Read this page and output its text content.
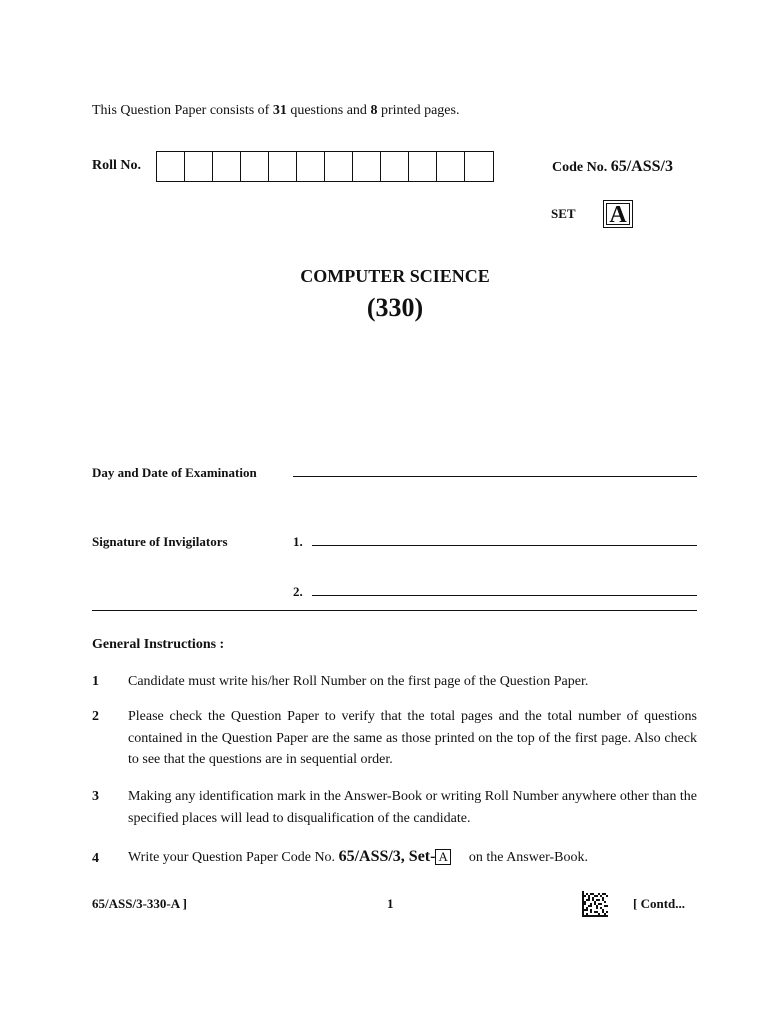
This Question Paper consists of 31 questions and 8 printed pages.
Roll No.	Code No. 65/ASS/3
SET A
COMPUTER SCIENCE
(330)
Day and Date of Examination
Signature of Invigilators	1.
2.
General Instructions :
1 Candidate must write his/her Roll Number on the first page of the Question Paper.
2 Please check the Question Paper to verify that the total pages and the total number of questions contained in the Question Paper are the same as those printed on the top of the first page. Also check to see that the questions are in sequential order.
3 Making any identification mark in the Answer-Book or writing Roll Number anywhere other than the specified places will lead to disqualification of the candidate.
4 Write your Question Paper Code No. 65/ASS/3, Set- A on the Answer-Book.
65/ASS/3-330-A ]	1	[ Contd...
